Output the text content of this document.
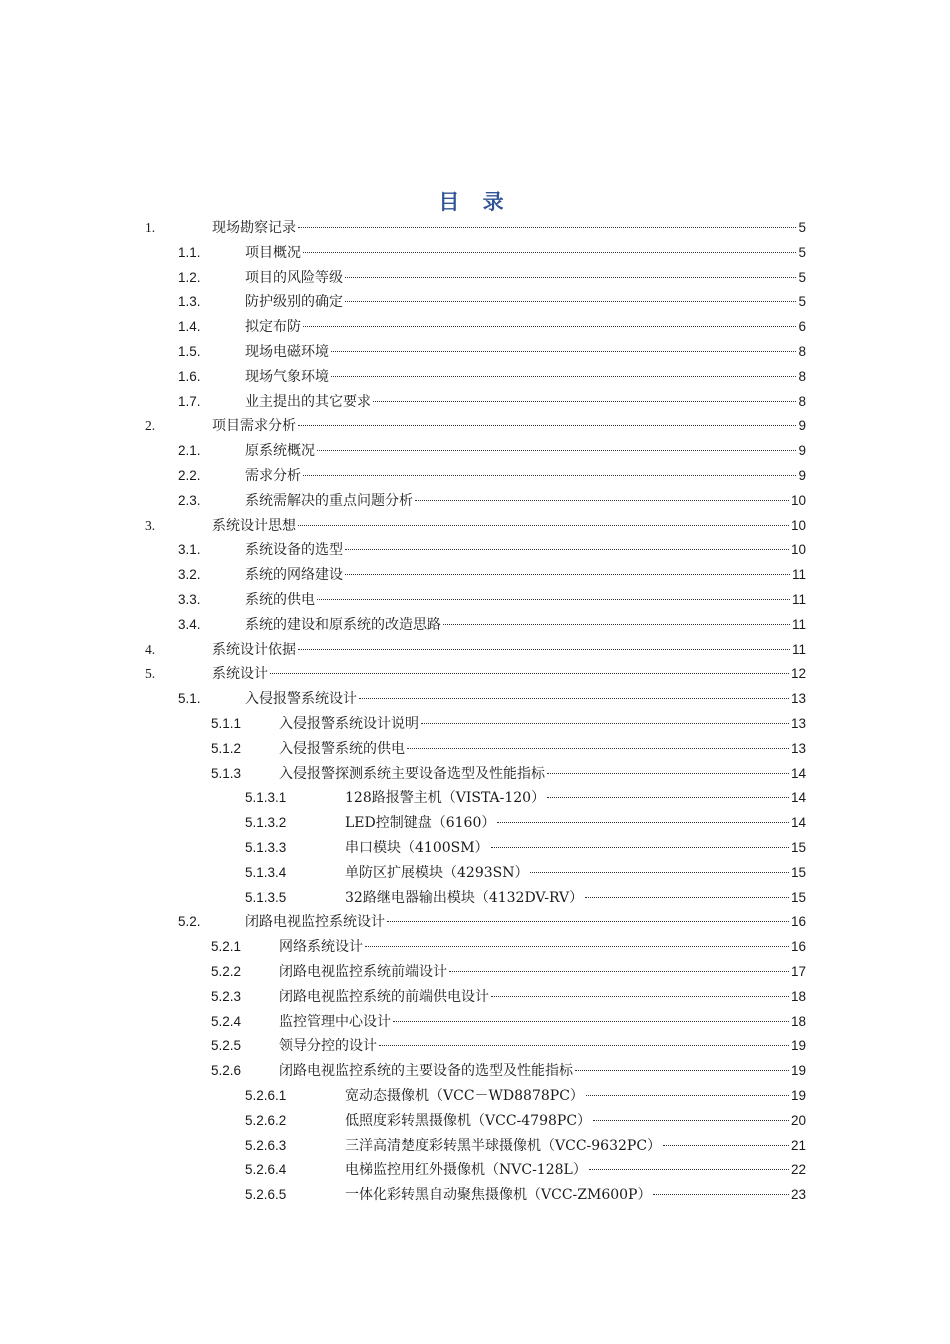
目 录
1.	现场勘察记录	5
1.1.	项目概况	5
1.2.	项目的风险等级	5
1.3.	防护级别的确定	5
1.4.	拟定布防	6
1.5.	现场电磁环境	8
1.6.	现场气象环境	8
1.7.	业主提出的其它要求	8
2.	项目需求分析	9
2.1.	原系统概况	9
2.2.	需求分析	9
2.3.	系统需解决的重点问题分析	10
3.	系统设计思想	10
3.1.	系统设备的选型	10
3.2.	系统的网络建设	11
3.3.	系统的供电	11
3.4.	系统的建设和原系统的改造思路	11
4.	系统设计依据	11
5.	系统设计	12
5.1.	入侵报警系统设计	13
5.1.1	入侵报警系统设计说明	13
5.1.2	入侵报警系统的供电	13
5.1.3	入侵报警探测系统主要设备选型及性能指标	14
5.1.3.1	128路报警主机（VISTA-120）	14
5.1.3.2	LED控制键盘（6160）	14
5.1.3.3	串口模块（4100SM）	15
5.1.3.4	单防区扩展模块（4293SN）	15
5.1.3.5	32路继电器输出模块（4132DV-RV）	15
5.2.	闭路电视监控系统设计	16
5.2.1	网络系统设计	16
5.2.2	闭路电视监控系统前端设计	17
5.2.3	闭路电视监控系统的前端供电设计	18
5.2.4	监控管理中心设计	18
5.2.5	领导分控的设计	19
5.2.6	闭路电视监控系统的主要设备的选型及性能指标	19
5.2.6.1	宽动态摄像机（VCC－WD8878PC）	19
5.2.6.2	低照度彩转黑摄像机（VCC-4798PC）	20
5.2.6.3	三洋高清楚度彩转黑半球摄像机（VCC-9632PC）	21
5.2.6.4	电梯监控用红外摄像机（NVC-128L）	22
5.2.6.5	一体化彩转黑自动聚焦摄像机（VCC-ZM600P）	23
